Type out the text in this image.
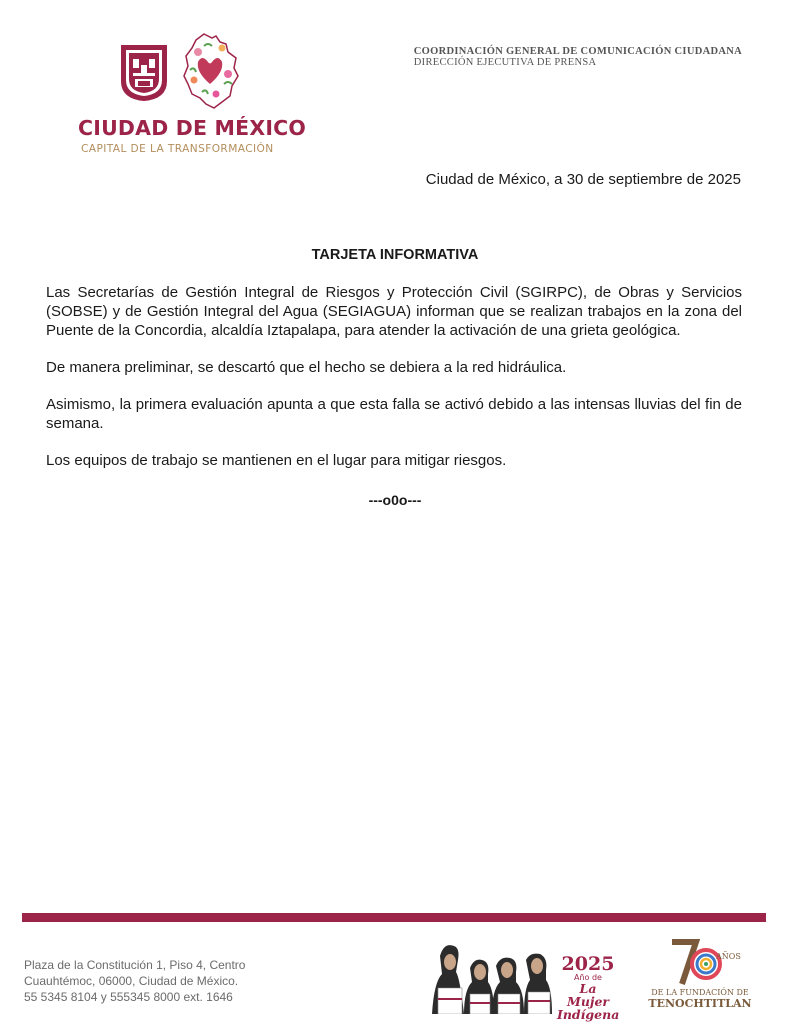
CIUDAD DE MÉXICO
CAPITAL DE LA TRANSFORMACIÓN
COORDINACIÓN GENERAL DE COMUNICACIÓN CIUDADANA
DIRECCIÓN EJECUTIVA DE PRENSA
Ciudad de México, a 30 de septiembre de 2025
TARJETA INFORMATIVA

Las Secretarías de Gestión Integral de Riesgos y Protección Civil (SGIRPC), de Obras y Servicios (SOBSE) y de Gestión Integral del Agua (SEGIAGUA) informan que se realizan trabajos en la zona del Puente de la Concordia, alcaldía Iztapalapa, para atender la activación de una grieta geológica.

De manera preliminar, se descartó que el hecho se debiera a la red hidráulica.

Asimismo, la primera evaluación apunta a que esta falla se activó debido a las intensas lluvias del fin de semana.

Los equipos de trabajo se mantienen en el lugar para mitigar riesgos.

---o0o---
Plaza de la Constitución 1, Piso 4, Centro
Cuauhtémoc, 06000, Ciudad de México.
55 5345 8104 y 555345 8000 ext. 1646
2025
Año de
La Mujer
Indígena
AÑOS
DE LA FUNDACIÓN DE
TENOCHTITLAN
